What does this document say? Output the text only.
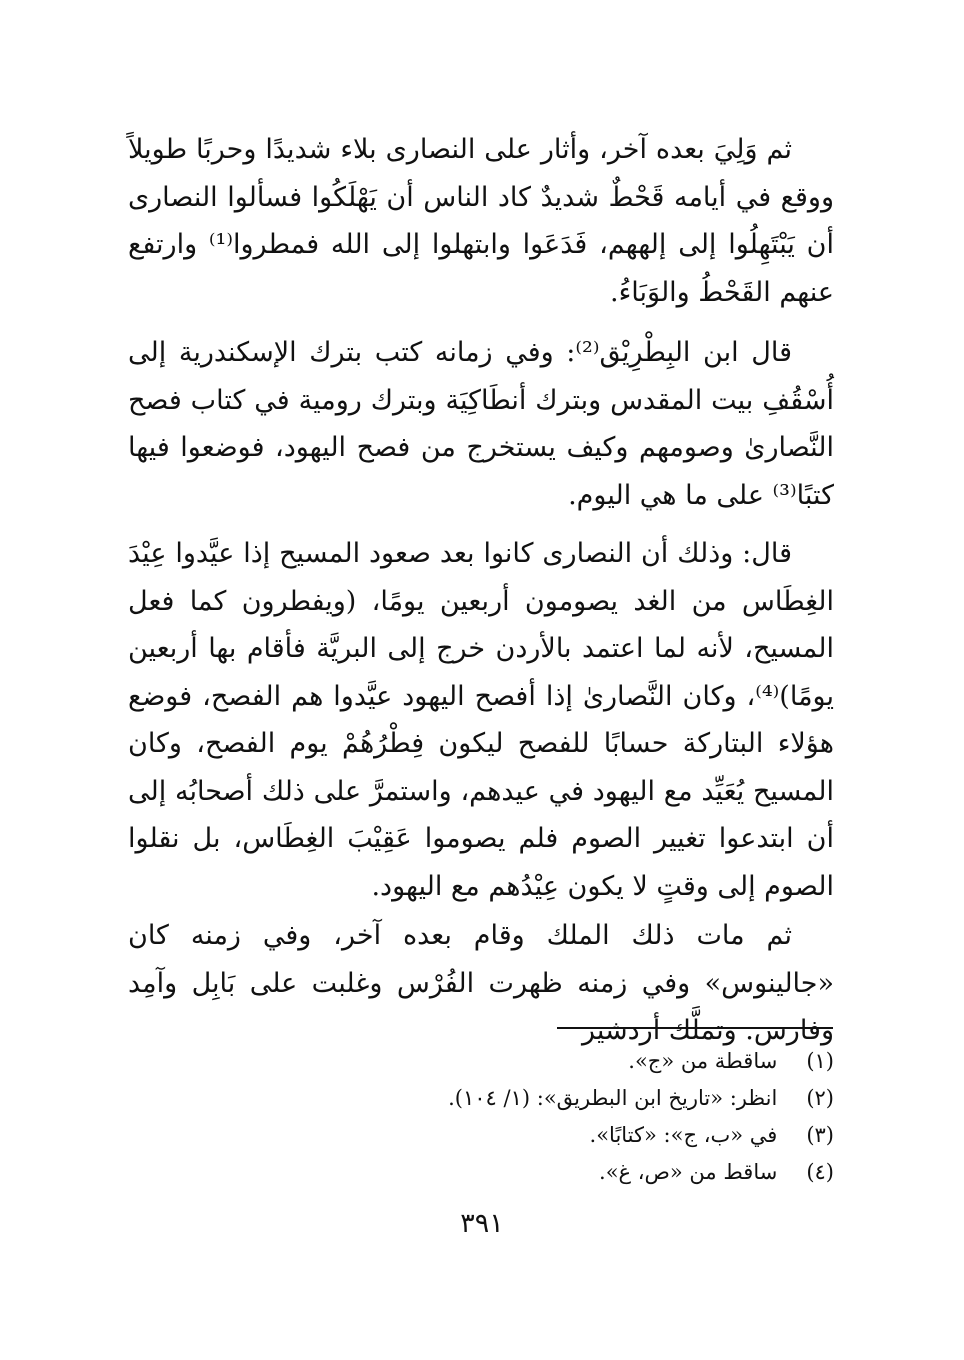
ثم وَلِيَ بعده آخر، وأثار على النصارى بلاء شديدًا وحربًا طويلاً ووقع في أيامه قَحْطٌ شديدٌ كاد الناس أن يَهْلَكُوا فسألوا النصارى أن يَبْتَهِلُوا إلى إلههم، فَدَعَوا وابتهلوا إلى الله فمطروا⁽¹⁾ وارتفع عنهم القَحْطُ والوَبَاءُ.

قال ابن البِطْرِيْق⁽²⁾: وفي زمانه كتب بترك الإسكندرية إلى أُسْقُفِ بيت المقدس وبترك أنطَاكِيَة وبترك رومية في كتاب فصح النَّصارىٰ وصومهم وكيف يستخرج من فصح اليهود، فوضعوا فيها كتبًا⁽³⁾ على ما هي اليوم.

قال: وذلك أن النصارى كانوا بعد صعود المسيح إذا عيَّدوا عِيْدَ الغِطَاس من الغد يصومون أربعين يومًا، (ويفطرون كما فعل المسيح، لأنه لما اعتمد بالأردن خرج إلى البريَّة فأقام بها أربعين يومًا)⁽⁴⁾، وكان النَّصارىٰ إذا أفصح اليهود عيَّدوا هم الفصح، فوضع هؤلاء البتاركة حسابًا للفصح ليكون فِطْرُهُمْ يوم الفصح، وكان المسيح يُعَيِّد مع اليهود في عيدهم، واستمرَّ على ذلك أصحابُه إلى أن ابتدعوا تغيير الصوم فلم يصوموا عَقِيْبَ الغِطَاس، بل نقلوا الصوم إلى وقتٍ لا يكون عِيْدُهم مع اليهود.

ثم مات ذلك الملك وقام بعده آخر، وفي زمنه كان «جالينوس» وفي زمنه ظهرت الفُرْس وغلبت على بَابِل وآمِد وفارس. وتملَّك أردشير

(١) ساقطة من «ج».
(٢) انظر: «تاريخ ابن البطريق»: (١/ ١٠٤).
(٣) في «ب، ج»: «كتابًا».
(٤) ساقط من «ص، غ».
٣٩١
